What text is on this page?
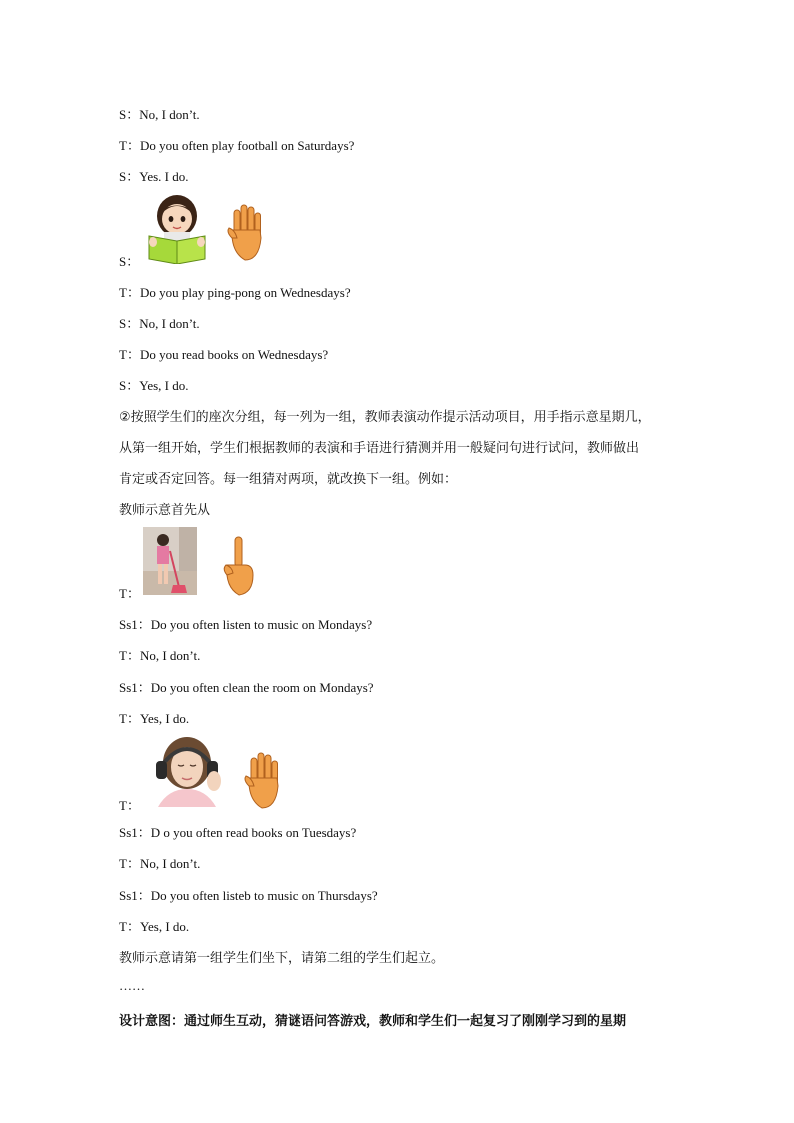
S：No, I don’t.
T：Do you often play football on Saturdays?
S：Yes. I do.
S：
T：Do you play ping-pong on Wednesdays?
S：No, I don’t.
T：Do you read books on Wednesdays?
S：Yes, I do.
②按照学生们的座次分组，每一列为一组，教师表演动作提示活动项目，用手指示意星期几，
从第一组开始，学生们根据教师的表演和手语进行猜测并用一般疑问句进行试问，教师做出
肯定或否定回答。每一组猜对两项，就改换下一组。例如：
教师示意首先从
T：
Ss1：Do you often listen to music on Mondays?
T：No, I don’t.
Ss1：Do you often clean the room on Mondays?
T：Yes, I do.
T：
Ss1：D o you often read books on Tuesdays?
T：No, I don’t.
Ss1：Do you often listeb to music on Thursdays?
T：Yes, I do.
教师示意请第一组学生们坐下，请第二组的学生们起立。
……
设计意图：通过师生互动，猜谜语问答游戏，教师和学生们一起复习了刚刚学习到的星期
